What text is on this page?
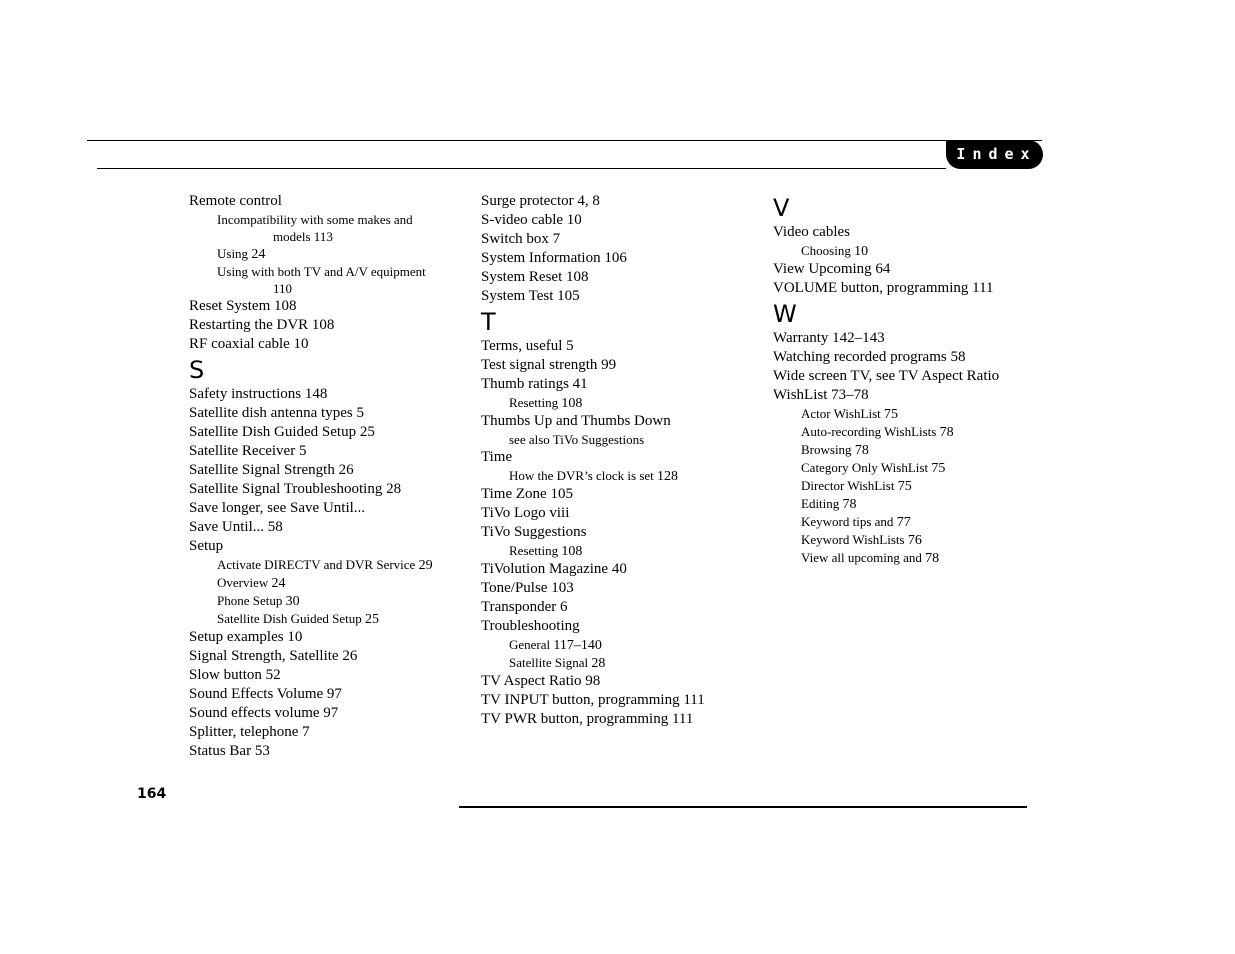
Index
Remote control
Incompatibility with some makes and
models 113
Using 24
Using with both TV and A/V equipment
110
Reset System 108
Restarting the DVR 108
RF coaxial cable 10
S
Safety instructions 148
Satellite dish antenna types 5
Satellite Dish Guided Setup 25
Satellite Receiver 5
Satellite Signal Strength 26
Satellite Signal Troubleshooting 28
Save longer, see Save Until...
Save Until... 58
Setup
Activate DIRECTV and DVR Service 29
Overview 24
Phone Setup 30
Satellite Dish Guided Setup 25
Setup examples 10
Signal Strength, Satellite 26
Slow button 52
Sound Effects Volume 97
Sound effects volume 97
Splitter, telephone 7
Status Bar 53
Surge protector 4, 8
S-video cable 10
Switch box 7
System Information 106
System Reset 108
System Test 105
T
Terms, useful 5
Test signal strength 99
Thumb ratings 41
Resetting 108
Thumbs Up and Thumbs Down
see also TiVo Suggestions
Time
How the DVR’s clock is set 128
Time Zone 105
TiVo Logo viii
TiVo Suggestions
Resetting 108
TiVolution Magazine 40
Tone/Pulse 103
Transponder 6
Troubleshooting
General 117–140
Satellite Signal 28
TV Aspect Ratio 98
TV INPUT button, programming 111
TV PWR button, programming 111
V
Video cables
Choosing 10
View Upcoming 64
VOLUME button, programming 111
W
Warranty 142–143
Watching recorded programs 58
Wide screen TV, see TV Aspect Ratio
WishList 73–78
Actor WishList 75
Auto-recording WishLists 78
Browsing 78
Category Only WishList 75
Director WishList 75
Editing 78
Keyword tips and 77
Keyword WishLists 76
View all upcoming and 78
164
